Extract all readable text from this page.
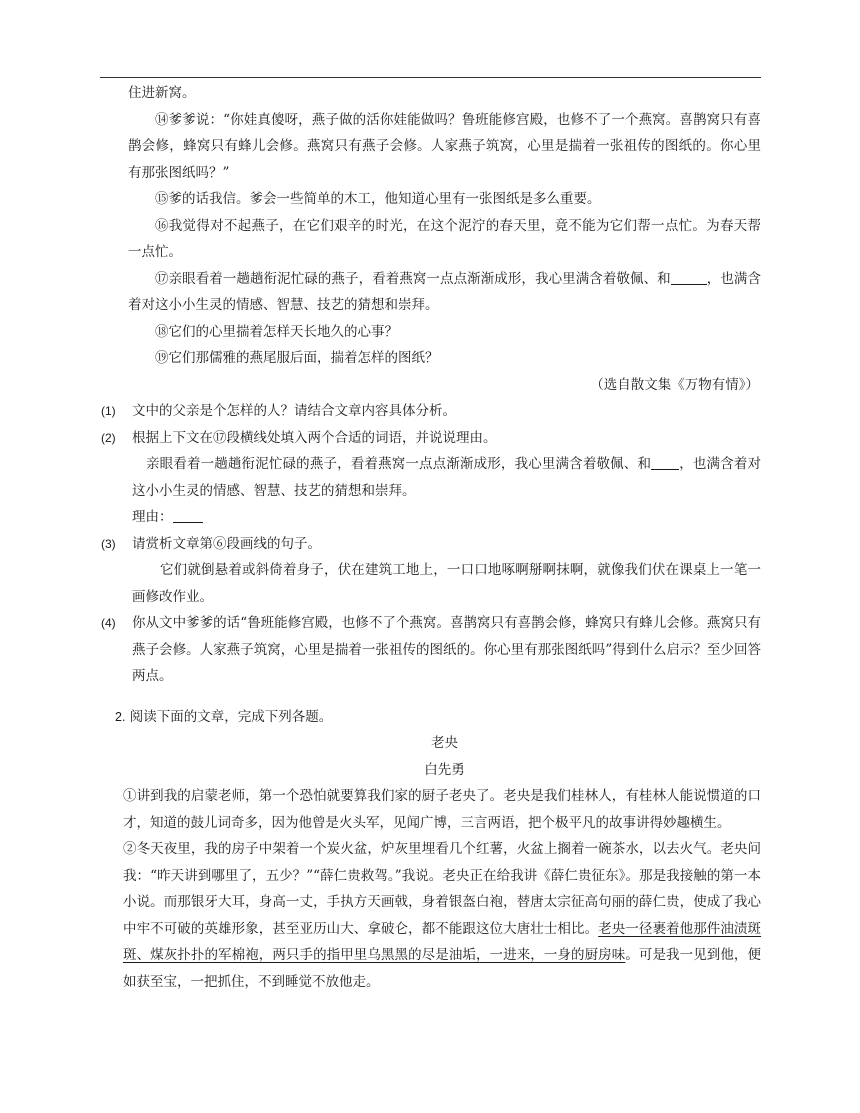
住进新窝。

⑭爹爹说：“你娃真傻呀，燕子做的活你娃能做吗？鲁班能修宫殿，也修不了一个燕窝。喜鹊窝只有喜鹊会修，蜂窝只有蜂儿会修。燕窝只有燕子会修。人家燕子筑窝，心里是揣着一张祖传的图纸的。你心里有那张图纸吗？”

⑮爹的话我信。爹会一些简单的木工，他知道心里有一张图纸是多么重要。

⑯我觉得对不起燕子，在它们艰辛的时光，在这个泥泞的春天里，竟不能为它们帮一点忙。为春天帮一点忙。

⑰亲眼看着一趟趟衔泥忙碌的燕子，看着燕窝一点点渐渐成形，我心里满含着敬佩、和	，也满含着对这小小生灵的情感、智慧、技艺的猜想和崇拜。

⑱它们的心里揣着怎样天长地久的心事？

⑲它们那儒雅的燕尾服后面，揣着怎样的图纸？

（选自散文集《万物有情》）

(1) 文中的父亲是个怎样的人？请结合文章内容具体分析。
(2) 根据上下文在⑰段横线处填入两个合适的词语，并说说理由。

亲眼看着一趟趟衔泥忙碌的燕子，看着燕窝一点点渐渐成形，我心里满含着敬佩、和 ，也满含着对这小小生灵的情感、智慧、技艺的猜想和崇拜。

理由：

(3) 请赏析文章第⑥段画线的句子。

它们就倒悬着或斜倚着身子，伏在建筑工地上，一口口地啄啊掰啊抹啊，就像我们伏在课桌上一笔一画修改作业。

(4) 你从文中爹爹的话“鲁班能修宫殿，也修不了个燕窝。喜鹊窝只有喜鹊会修，蜂窝只有蜂儿会修。燕窝只有燕子会修。人家燕子筑窝，心里是揣着一张祖传的图纸的。你心里有那张图纸吗”得到什么启示？至少回答两点。

2. 阅读下面的文章，完成下列各题。

老央

白先勇

①讲到我的启蒙老师，第一个恐怕就要算我们家的厨子老央了。老央是我们桂林人，有桂林人能说惯道的口才，知道的鼓儿词奇多，因为他曾是火头军，见闻广博，三言两语，把个极平凡的故事讲得妙趣横生。

②冬天夜里，我的房子中架着一个炭火盆，炉灰里埋看几个红薯，火盆上搁着一碗茶水，以去火气。老央问我：“昨天讲到哪里了，五少？”“薛仁贵救驾。”我说。老央正在给我讲《薛仁贵征东》。那是我接触的第一本小说。而那银牙大耳，身高一丈，手执方天画戟，身着银盔白袍，替唐太宗征高句丽的薛仁贵，使成了我心中牢不可破的英雄形象，甚至亚历山大、拿破仑，都不能跟这位大唐壮士相比。老央一径裹着他那件油渍斑斑、煤灰扑扑的军棉袍，两只手的指甲里乌黑黑的尽是油垢，一进来，一身的厨房味。可是我一见到他，便如获至宝，一把抓住，不到睡觉不放他走。
